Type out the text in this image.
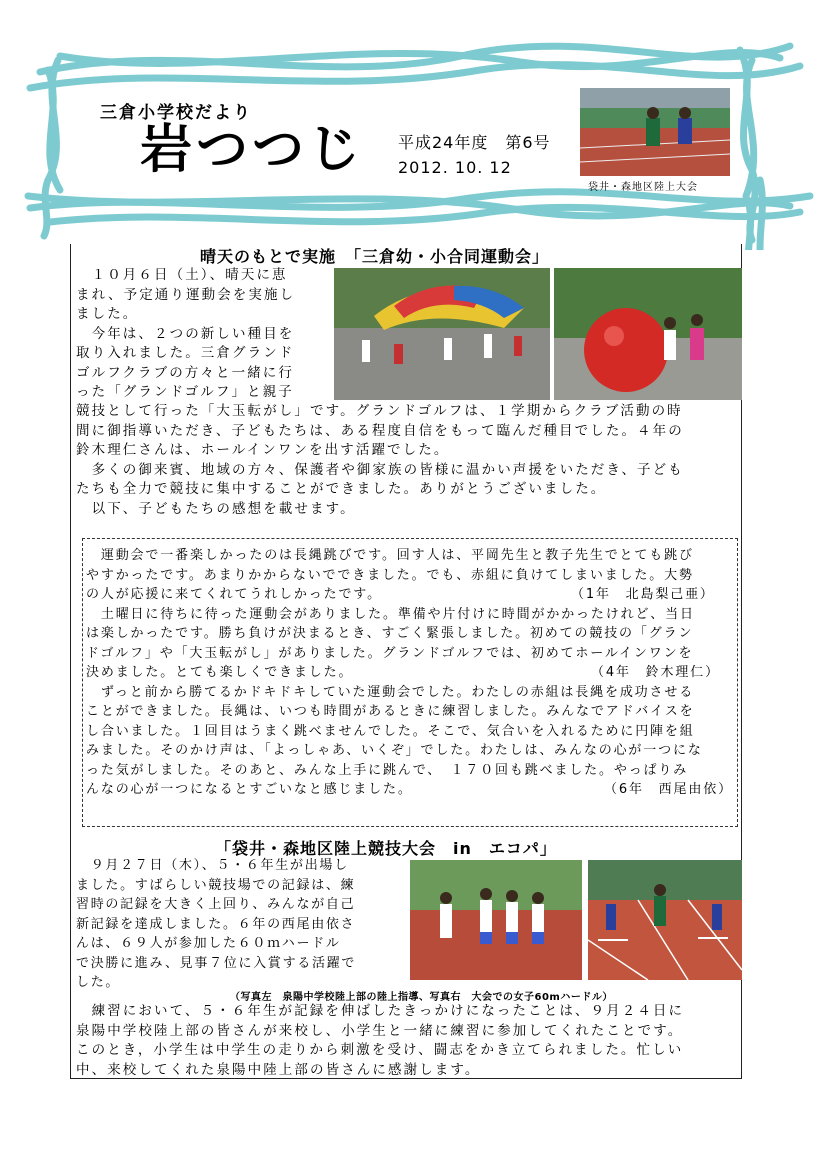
三倉小学校だより
岩つつじ 平成24年度　第6号
2012. 10. 12
袋井・森地区陸上大会
晴天のもとで実施　「三倉幼・小合同運動会」

　１０月６日（土）、晴天に恵

まれ、予定通り運動会を実施し

ました。

　今年は、２つの新しい種目を

取り入れました。三倉グランド

ゴルフクラブの方々と一緒に行

った「グランドゴルフ」と親子

競技として行った「大玉転がし」です。グランドゴルフは、１学期からクラブ活動の時

間に御指導いただき、子どもたちは、ある程度自信をもって臨んだ種目でした。４年の

鈴木理仁さんは、ホールインワンを出す活躍でした。

　多くの御来賓、地域の方々、保護者や御家族の皆様に温かい声援をいただき、子ども

たちも全力で競技に集中することができました。ありがとうございました。

　以下、子どもたちの感想を載せます。

　運動会で一番楽しかったのは長縄跳びです。回す人は、平岡先生と教子先生でとても跳び

やすかったです。あまりかからないでできました。でも、赤組に負けてしまいました。大勢

の人が応援に来てくれてうれしかったです。	（1年　北島梨己亜）

　土曜日に待ちに待った運動会がありました。準備や片付けに時間がかかったけれど、当日

は楽しかったです。勝ち負けが決まるとき、すごく緊張しました。初めての競技の「グラン

ドゴルフ」や「大玉転がし」がありました。グランドゴルフでは、初めてホールインワンを

決めました。とても楽しくできました。	（4年　鈴木理仁）

　ずっと前から勝てるかドキドキしていた運動会でした。わたしの赤組は長縄を成功させる

ことができました。長縄は、いつも時間があるときに練習しました。みんなでアドバイスを

し合いました。１回目はうまく跳べませんでした。そこで、気合いを入れるために円陣を組

みました。そのかけ声は、「よっしゃあ、いくぞ」でした。わたしは、みんなの心が一つにな

った気がしました。そのあと、みんな上手に跳んで、　１７０回も跳べました。やっぱりみ

んなの心が一つになるとすごいなと感じました。	（6年　西尾由依）

「袋井・森地区陸上競技大会　in　エコパ」

　９月２７日（木）、５・６年生が出場し

ました。すばらしい競技場での記録は、練

習時の記録を大きく上回り、みんなが自己

新記録を達成しました。６年の西尾由依さ

んは、６９人が参加した６０ｍハードル

で決勝に進み、見事７位に入賞する活躍で

した。

（写真左　泉陽中学校陸上部の陸上指導、写真右　大会での女子60mハードル）

　練習において、５・６年生が記録を伸ばしたきっかけになったことは、９月２４日に

泉陽中学校陸上部の皆さんが来校し、小学生と一緒に練習に参加してくれたことです。

このとき，小学生は中学生の走りから刺激を受け、闘志をかき立てられました。忙しい

中、来校してくれた泉陽中陸上部の皆さんに感謝します。
